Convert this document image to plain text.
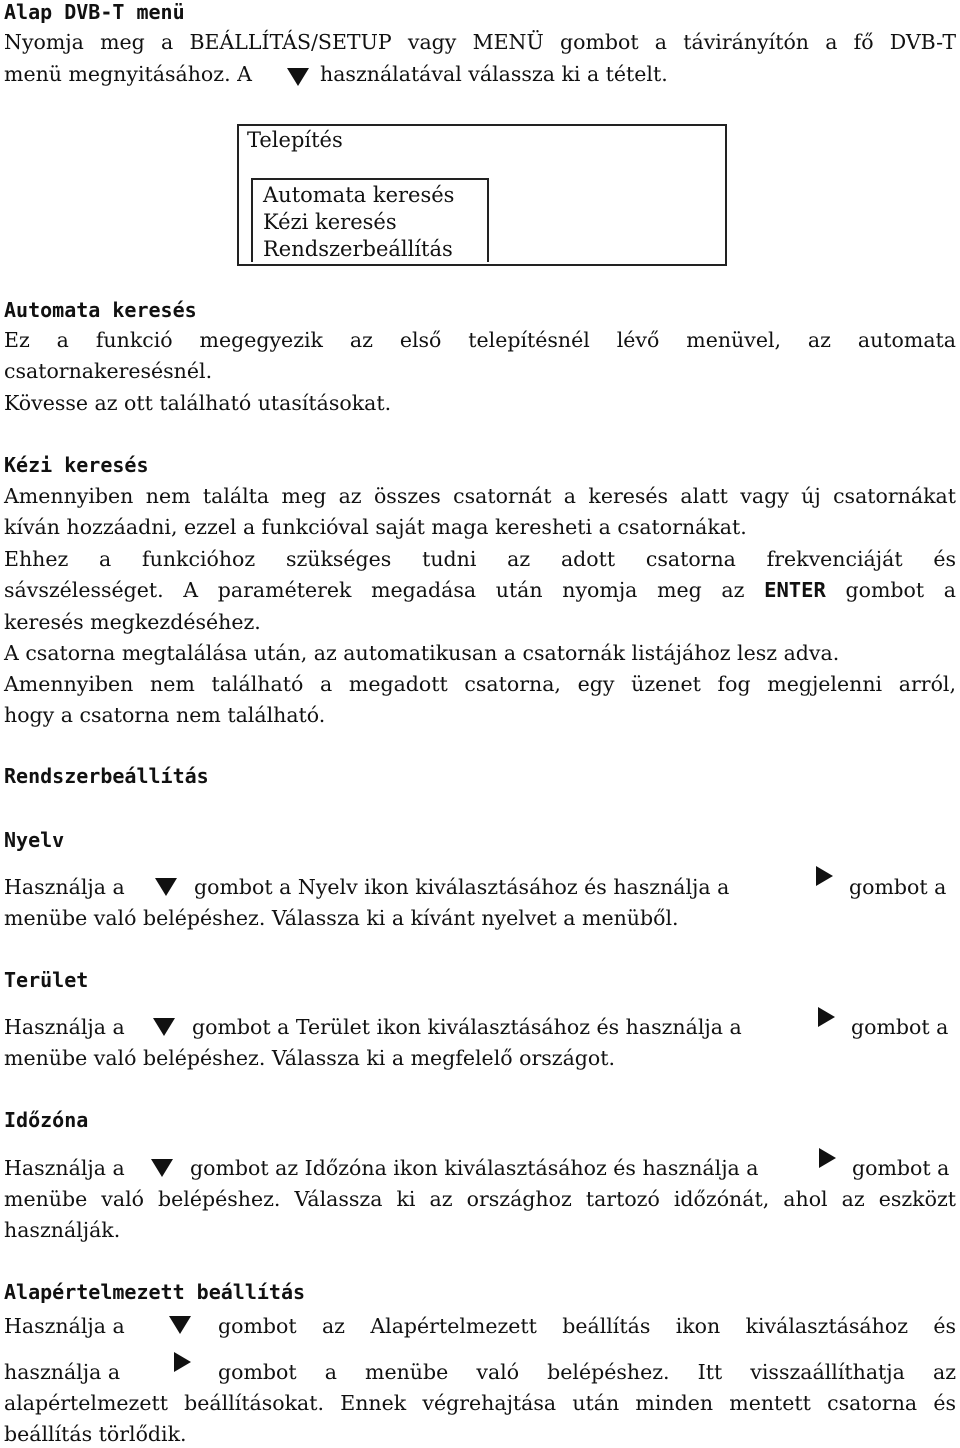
Alap DVB-T menü
Nyomja meg a BEÁLLÍTÁS/SETUP vagy MENÜ gombot a távirányítón a fő DVB-T
menü megnyitásához. A	használatával válassza ki a tételt.
Telepítés
Automata keresés
Kézi keresés
Rendszerbeállítás
Automata keresés
Ez a funkció megegyezik az első telepítésnél lévő menüvel, az automata
csatornakeresésnél.
Kövesse az ott található utasításokat.
Kézi keresés
Amennyiben nem találta meg az összes csatornát a keresés alatt vagy új csatornákat
kíván hozzáadni, ezzel a funkcióval saját maga keresheti a csatornákat.
Ehhez a funkcióhoz szükséges tudni az adott csatorna frekvenciáját és
sávszélességet. A paraméterek megadása után nyomja meg az ENTER gombot a
keresés megkezdéséhez.
A csatorna megtalálása után, az automatikusan a csatornák listájához lesz adva.
Amennyiben nem található a megadott csatorna, egy üzenet fog megjelenni arról,
hogy a csatorna nem található.
Rendszerbeállítás
Nyelv
Használja a	gombot a Nyelv ikon kiválasztásához és használja a	gombot a
menübe való belépéshez. Válassza ki a kívánt nyelvet a menüből.
Terület
Használja a	gombot a Terület ikon kiválasztásához és használja a	gombot a
menübe való belépéshez. Válassza ki a megfelelő országot.
Időzóna
Használja a	gombot az Időzóna ikon kiválasztásához és használja a	gombot a
menübe való belépéshez. Válassza ki az országhoz tartozó időzónát, ahol az eszközt
használják.
Alapértelmezett beállítás
Használja a	gombot az Alapértelmezett beállítás ikon kiválasztásához és
használja a	gombot a menübe való belépéshez. Itt visszaállíthatja az
alapértelmezett beállításokat. Ennek végrehajtása után minden mentett csatorna és
beállítás törlődik.
